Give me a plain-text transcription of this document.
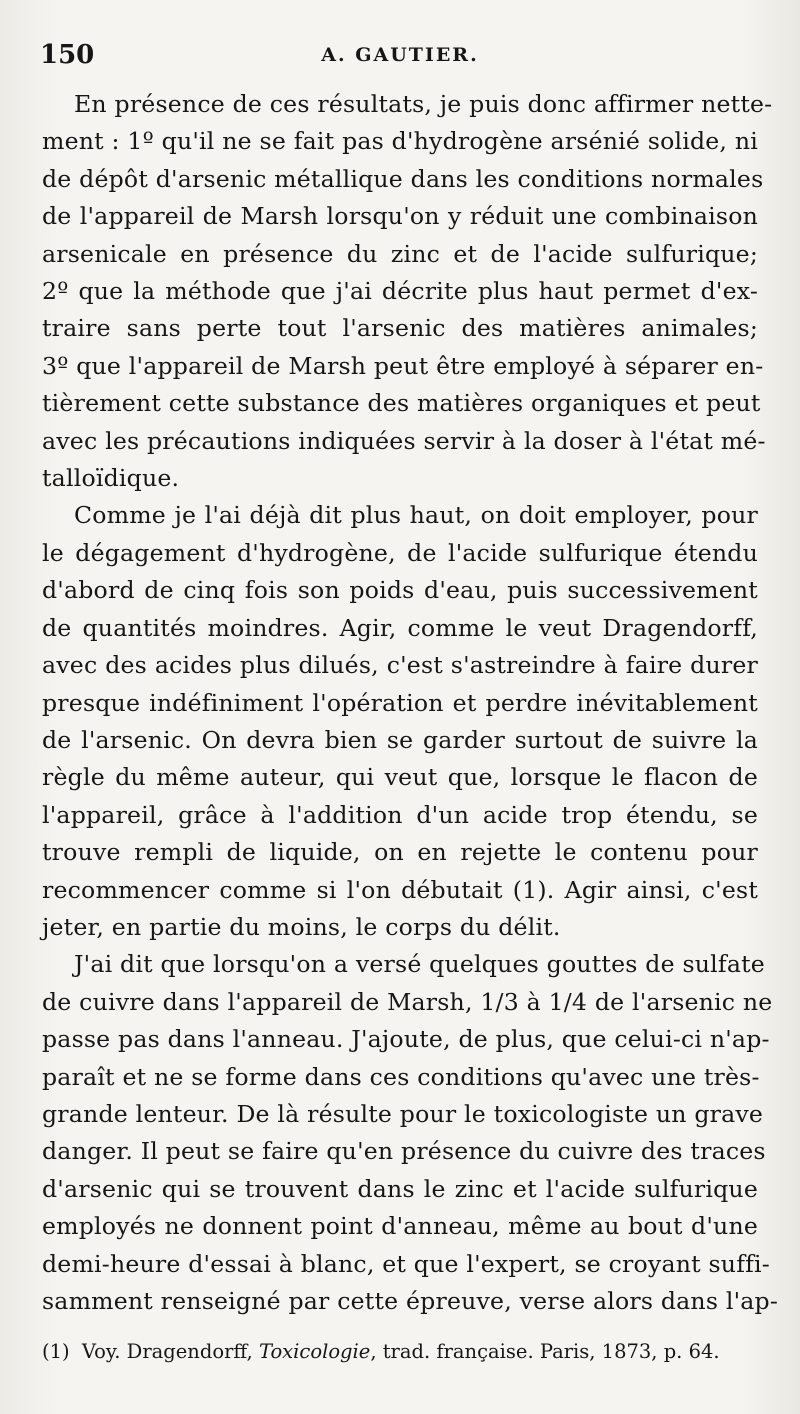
150	A. GAUTIER.

En présence de ces résultats, je puis donc affirmer nette-
ment : 1º qu'il ne se fait pas d'hydrogène arsénié solide, ni
de dépôt d'arsenic métallique dans les conditions normales
de l'appareil de Marsh lorsqu'on y réduit une combinaison
arsenicale en présence du zinc et de l'acide sulfurique;
2º que la méthode que j'ai décrite plus haut permet d'ex-
traire sans perte tout l'arsenic des matières animales;
3º que l'appareil de Marsh peut être employé à séparer en-
tièrement cette substance des matières organiques et peut
avec les précautions indiquées servir à la doser à l'état mé-
talloïdique.

Comme je l'ai déjà dit plus haut, on doit employer, pour
le dégagement d'hydrogène, de l'acide sulfurique étendu
d'abord de cinq fois son poids d'eau, puis successivement
de quantités moindres. Agir, comme le veut Dragendorff,
avec des acides plus dilués, c'est s'astreindre à faire durer
presque indéfiniment l'opération et perdre inévitablement
de l'arsenic. On devra bien se garder surtout de suivre la
règle du même auteur, qui veut que, lorsque le flacon de
l'appareil, grâce à l'addition d'un acide trop étendu, se
trouve rempli de liquide, on en rejette le contenu pour
recommencer comme si l'on débutait (1). Agir ainsi, c'est
jeter, en partie du moins, le corps du délit.

J'ai dit que lorsqu'on a versé quelques gouttes de sulfate
de cuivre dans l'appareil de Marsh, 1/3 à 1/4 de l'arsenic ne
passe pas dans l'anneau. J'ajoute, de plus, que celui-ci n'ap-
paraît et ne se forme dans ces conditions qu'avec une très-
grande lenteur. De là résulte pour le toxicologiste un grave
danger. Il peut se faire qu'en présence du cuivre des traces
d'arsenic qui se trouvent dans le zinc et l'acide sulfurique
employés ne donnent point d'anneau, même au bout d'une
demi-heure d'essai à blanc, et que l'expert, se croyant suffi-
samment renseigné par cette épreuve, verse alors dans l'ap-

(1) Voy. Dragendorff, Toxicologie, trad. française. Paris, 1873, p. 64.
